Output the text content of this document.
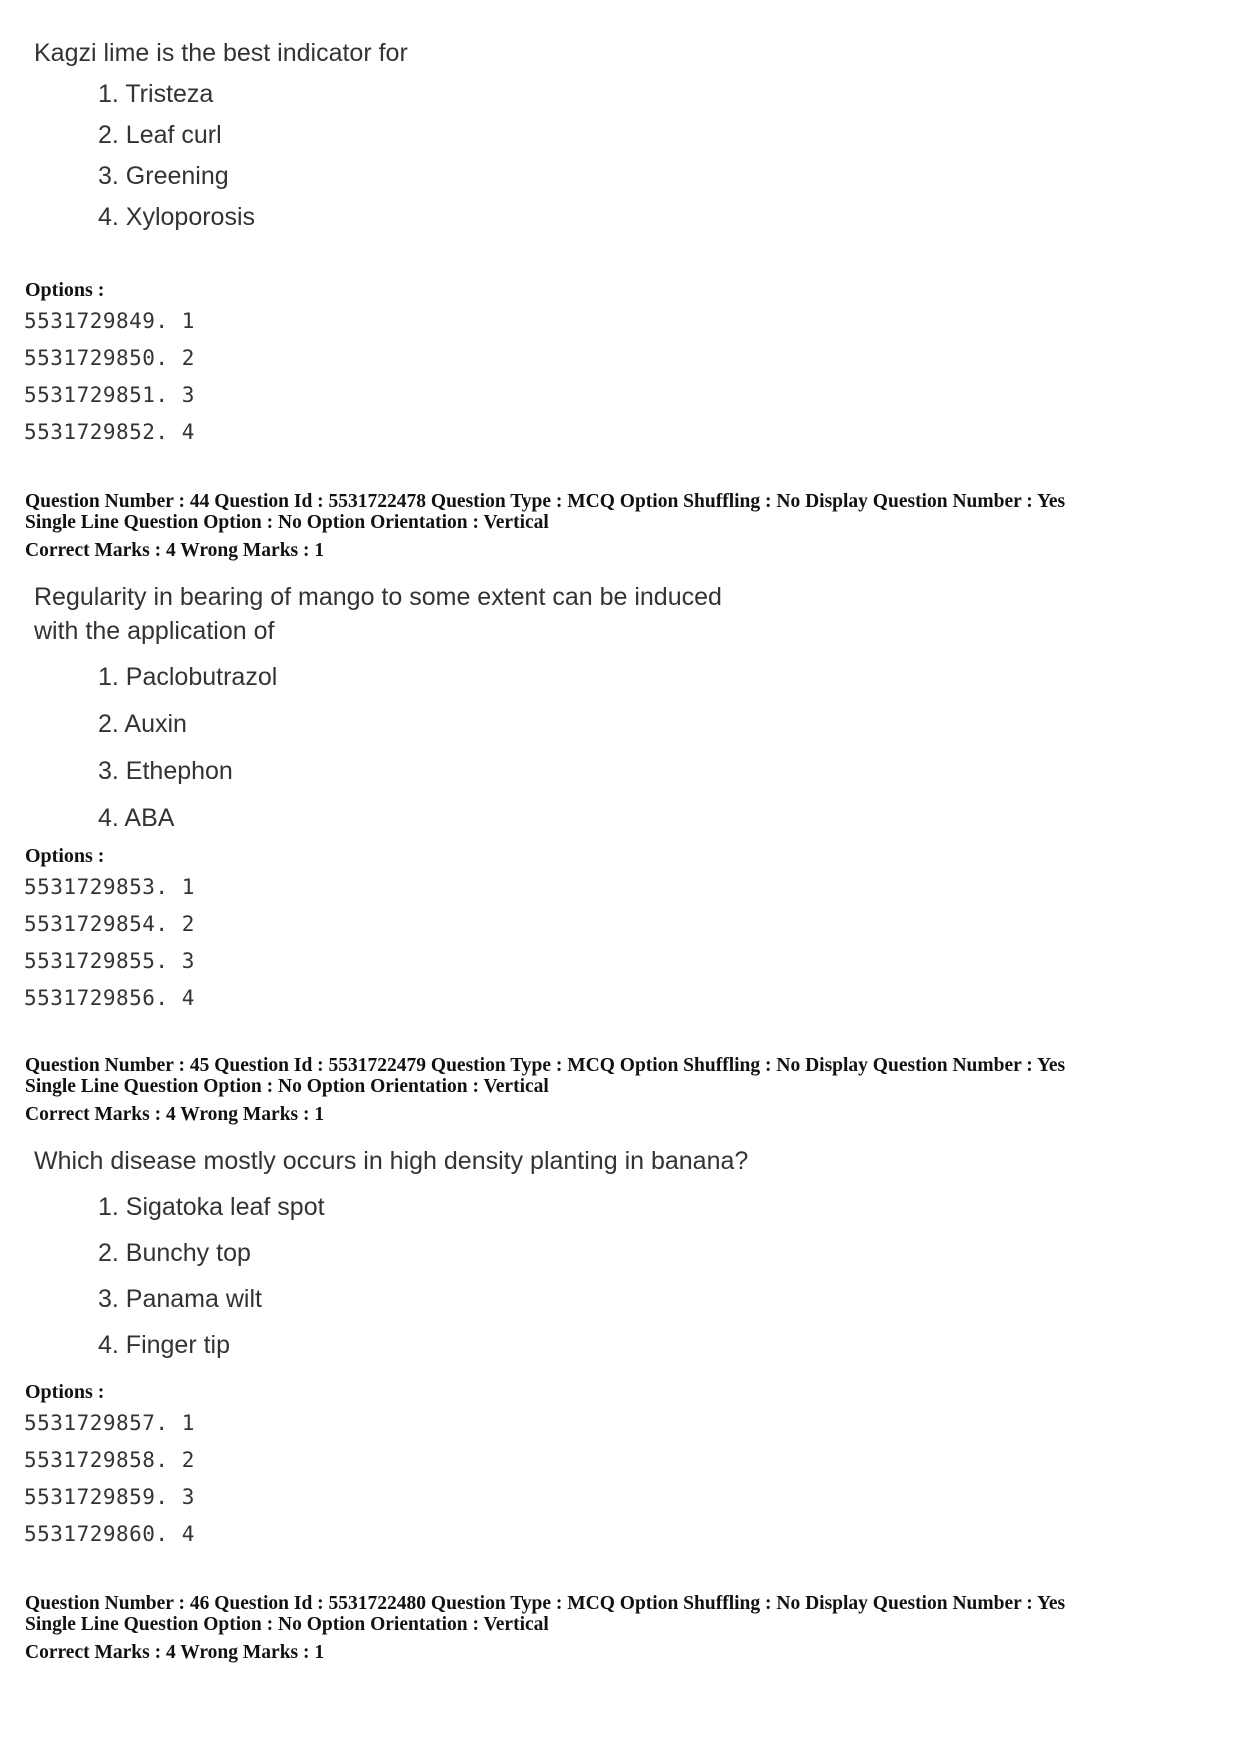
Kagzi lime is the best indicator for
1. Tristeza
2. Leaf curl
3. Greening
4. Xyloporosis
Options :
5531729849. 1
5531729850. 2
5531729851. 3
5531729852. 4
Question Number : 44 Question Id : 5531722478 Question Type : MCQ Option Shuffling : No Display Question Number : Yes
Single Line Question Option : No Option Orientation : Vertical
Correct Marks : 4 Wrong Marks : 1
Regularity in bearing of mango to some extent can be induced
with the application of
1. Paclobutrazol
2. Auxin
3. Ethephon
4. ABA
Options :
5531729853. 1
5531729854. 2
5531729855. 3
5531729856. 4
Question Number : 45 Question Id : 5531722479 Question Type : MCQ Option Shuffling : No Display Question Number : Yes
Single Line Question Option : No Option Orientation : Vertical
Correct Marks : 4 Wrong Marks : 1
Which disease mostly occurs in high density planting in banana?
1. Sigatoka leaf spot
2. Bunchy top
3. Panama wilt
4. Finger tip
Options :
5531729857. 1
5531729858. 2
5531729859. 3
5531729860. 4
Question Number : 46 Question Id : 5531722480 Question Type : MCQ Option Shuffling : No Display Question Number : Yes
Single Line Question Option : No Option Orientation : Vertical
Correct Marks : 4 Wrong Marks : 1
